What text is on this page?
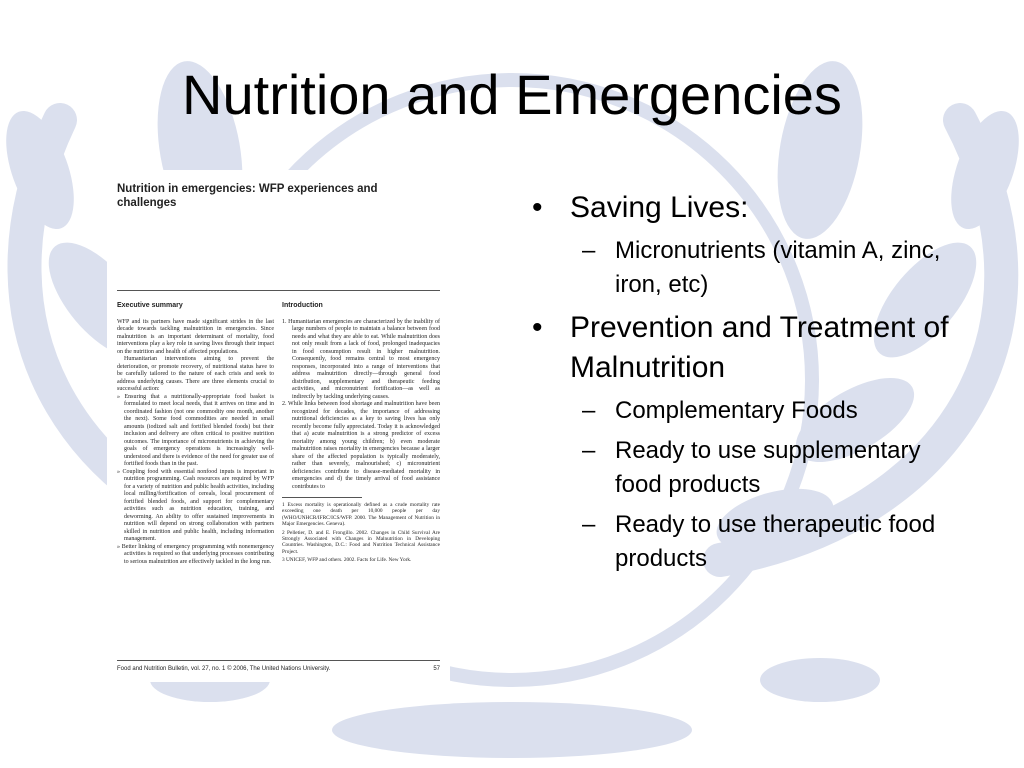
Nutrition and Emergencies
Nutrition in emergencies: WFP experiences and challenges
Executive summary

WFP and its partners have made significant strides in the last decade towards tackling malnutrition in emergencies. Since malnutrition is an important determinant of mortality, food interventions play a key role in saving lives through their impact on the nutrition and health of affected populations.

Humanitarian interventions aiming to prevent the deterioration, or promote recovery, of nutritional status have to be carefully tailored to the nature of each crisis and seek to address underlying causes. There are three elements crucial to successful action:

» Ensuring that a nutritionally-appropriate food basket is formulated to meet local needs, that it arrives on time and in coordinated fashion (not one commodity one month, another the next). Some food commodities are needed in small amounts (iodized salt and fortified blended foods) but their inclusion and delivery are often critical to positive nutrition outcomes. The importance of micronutrients in achieving the goals of emergency operations is increasingly well-understood and there is evidence of the need for greater use of fortified foods than in the past.

» Coupling food with essential nonfood inputs is important in nutrition programming. Cash resources are required by WFP for a variety of nutrition and public health activities, including local milling/fortification of cereals, local procurement of fortified blended foods, and support for complementary activities such as nutrition education, training, and deworming. An ability to offer sustained improvements in nutrition will depend on strong collaboration with partners skilled in nutrition and public health, including information management.

» Better linking of emergency programming with nonemergency activities is required so that underlying processes contributing to serious malnutrition are effectively tackled in the long run.

Introduction

1. Humanitarian emergencies are characterized by the inability of large numbers of people to maintain a balance between food needs and what they are able to eat. While malnutrition does not only result from a lack of food, prolonged inadequacies in food consumption result in higher malnutrition. Consequently, food remains central to most emergency responses, incorporated into a range of interventions that address malnutrition directly—through general food distribution, supplementary and therapeutic feeding activities, and micronutrient fortification—as well as indirectly by tackling underlying causes.

2. While links between food shortage and malnutrition have been recognized for decades, the importance of addressing nutritional deficiencies as a key to saving lives has only recently become fully appreciated. Today it is acknowledged that a) acute malnutrition is a strong predictor of excess mortality among young children; b) even moderate malnutrition raises mortality in emergencies because a larger share of the affected population is typically moderately, rather than severely, malnourished; c) micronutrient deficiencies contribute to disease-mediated mortality in emergencies and d) the timely arrival of food assistance contributes to

1 Excess mortality is operationally defined as a crude mortality rate exceeding one death per 10,000 people per day (WHO/UNHCR/IFRC/ICS/WFP. 2000. The Management of Nutrition in Major Emergencies. Geneva).

2 Pelletier, D. and E. Frongillo. 2002. Changes in Child Survival Are Strongly Associated with Changes in Malnutrition in Developing Countries. Washington, D.C.: Food and Nutrition Technical Assistance Project.

3 UNICEF, WFP and others. 2002. Facts for Life. New York.

Food and Nutrition Bulletin, vol. 27, no. 1 © 2006, The United Nations University.	57
• Saving Lives:
– Micronutrients (vitamin A, zinc, iron, etc)
• Prevention and Treatment of Malnutrition
– Complementary Foods
– Ready to use supplementary food products
– Ready to use therapeutic food products
